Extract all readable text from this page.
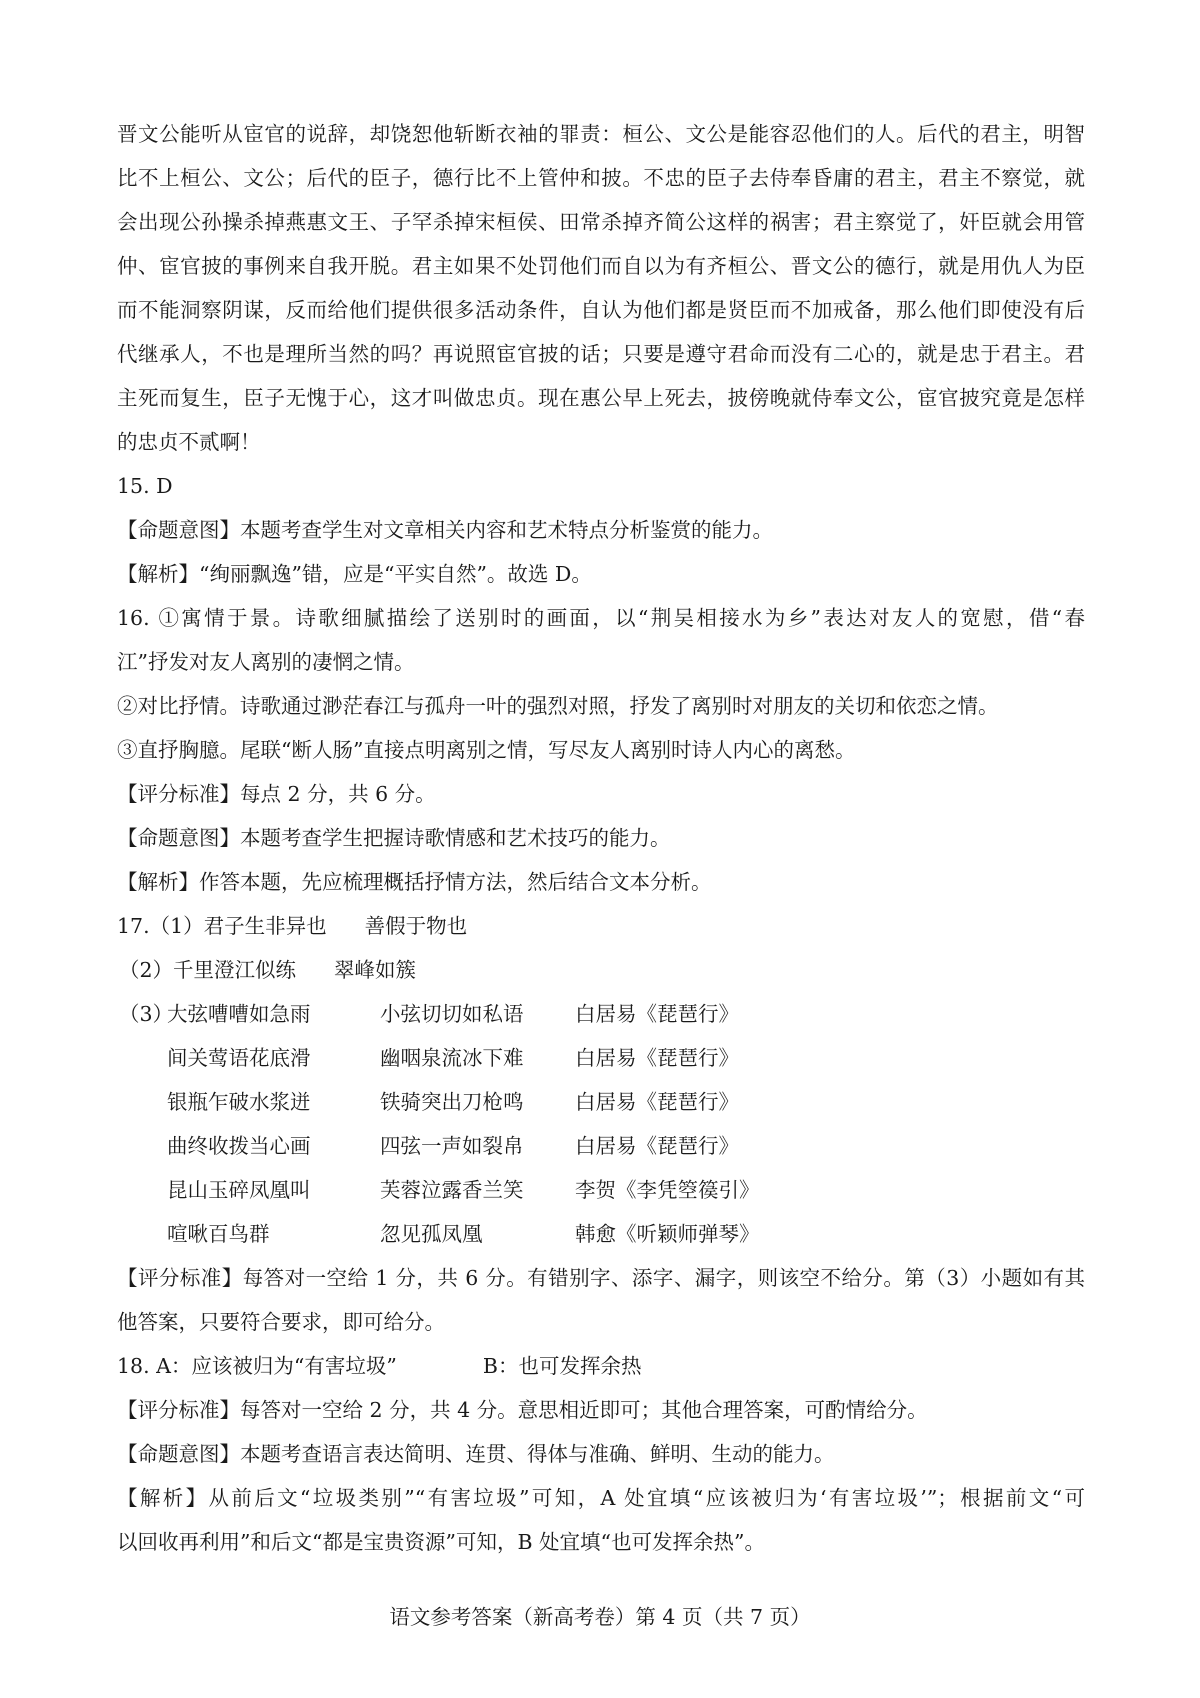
晋文公能听从宦官的说辞，却饶恕他斩断衣袖的罪责：桓公、文公是能容忍他们的人。后代的君主，明智
比不上桓公、文公；后代的臣子，德行比不上管仲和披。不忠的臣子去侍奉昏庸的君主，君主不察觉，就
会出现公孙操杀掉燕惠文王、子罕杀掉宋桓侯、田常杀掉齐简公这样的祸害；君主察觉了，奸臣就会用管
仲、宦官披的事例来自我开脱。君主如果不处罚他们而自以为有齐桓公、晋文公的德行，就是用仇人为臣
而不能洞察阴谋，反而给他们提供很多活动条件，自认为他们都是贤臣而不加戒备，那么他们即使没有后
代继承人，不也是理所当然的吗？再说照宦官披的话；只要是遵守君命而没有二心的，就是忠于君主。君
主死而复生，臣子无愧于心，这才叫做忠贞。现在惠公早上死去，披傍晚就侍奉文公，宦官披究竟是怎样
的忠贞不贰啊！
15. D
【命题意图】本题考查学生对文章相关内容和艺术特点分析鉴赏的能力。
【解析】“绚丽飘逸”错，应是“平实自然”。故选 D。
16. ①寓情于景。诗歌细腻描绘了送别时的画面，以“荆吴相接水为乡”表达对友人的宽慰，借“春
江”抒发对友人离别的凄惘之情。
②对比抒情。诗歌通过渺茫春江与孤舟一叶的强烈对照，抒发了离别时对朋友的关切和依恋之情。
③直抒胸臆。尾联“断人肠”直接点明离别之情，写尽友人离别时诗人内心的离愁。
【评分标准】每点 2 分，共 6 分。
【命题意图】本题考查学生把握诗歌情感和艺术技巧的能力。
【解析】作答本题，先应梳理概括抒情方法，然后结合文本分析。
17.（1）君子生非异也 善假于物也
（2）千里澄江似练 翠峰如簇
（3）
大弦嘈嘈如急雨	小弦切切如私语	白居易《琵琶行》
间关莺语花底滑	幽咽泉流冰下难	白居易《琵琶行》
银瓶乍破水浆迸	铁骑突出刀枪鸣	白居易《琵琶行》
曲终收拨当心画	四弦一声如裂帛	白居易《琵琶行》
昆山玉碎凤凰叫	芙蓉泣露香兰笑	李贺《李凭箜篌引》
喧啾百鸟群	忽见孤凤凰	韩愈《听颖师弹琴》
【评分标准】每答对一空给 1 分，共 6 分。有错别字、添字、漏字，则该空不给分。第（3）小题如有其
他答案，只要符合要求，即可给分。
18. A：应该被归为“有害垃圾”	B：也可发挥余热
【评分标准】每答对一空给 2 分，共 4 分。意思相近即可；其他合理答案，可酌情给分。
【命题意图】本题考查语言表达简明、连贯、得体与准确、鲜明、生动的能力。
【解析】从前后文“垃圾类别”“有害垃圾”可知，A 处宜填“应该被归为‘有害垃圾’”；根据前文“可
以回收再利用”和后文“都是宝贵资源”可知，B 处宜填“也可发挥余热”。
语文参考答案（新高考卷）第 4 页（共 7 页）
